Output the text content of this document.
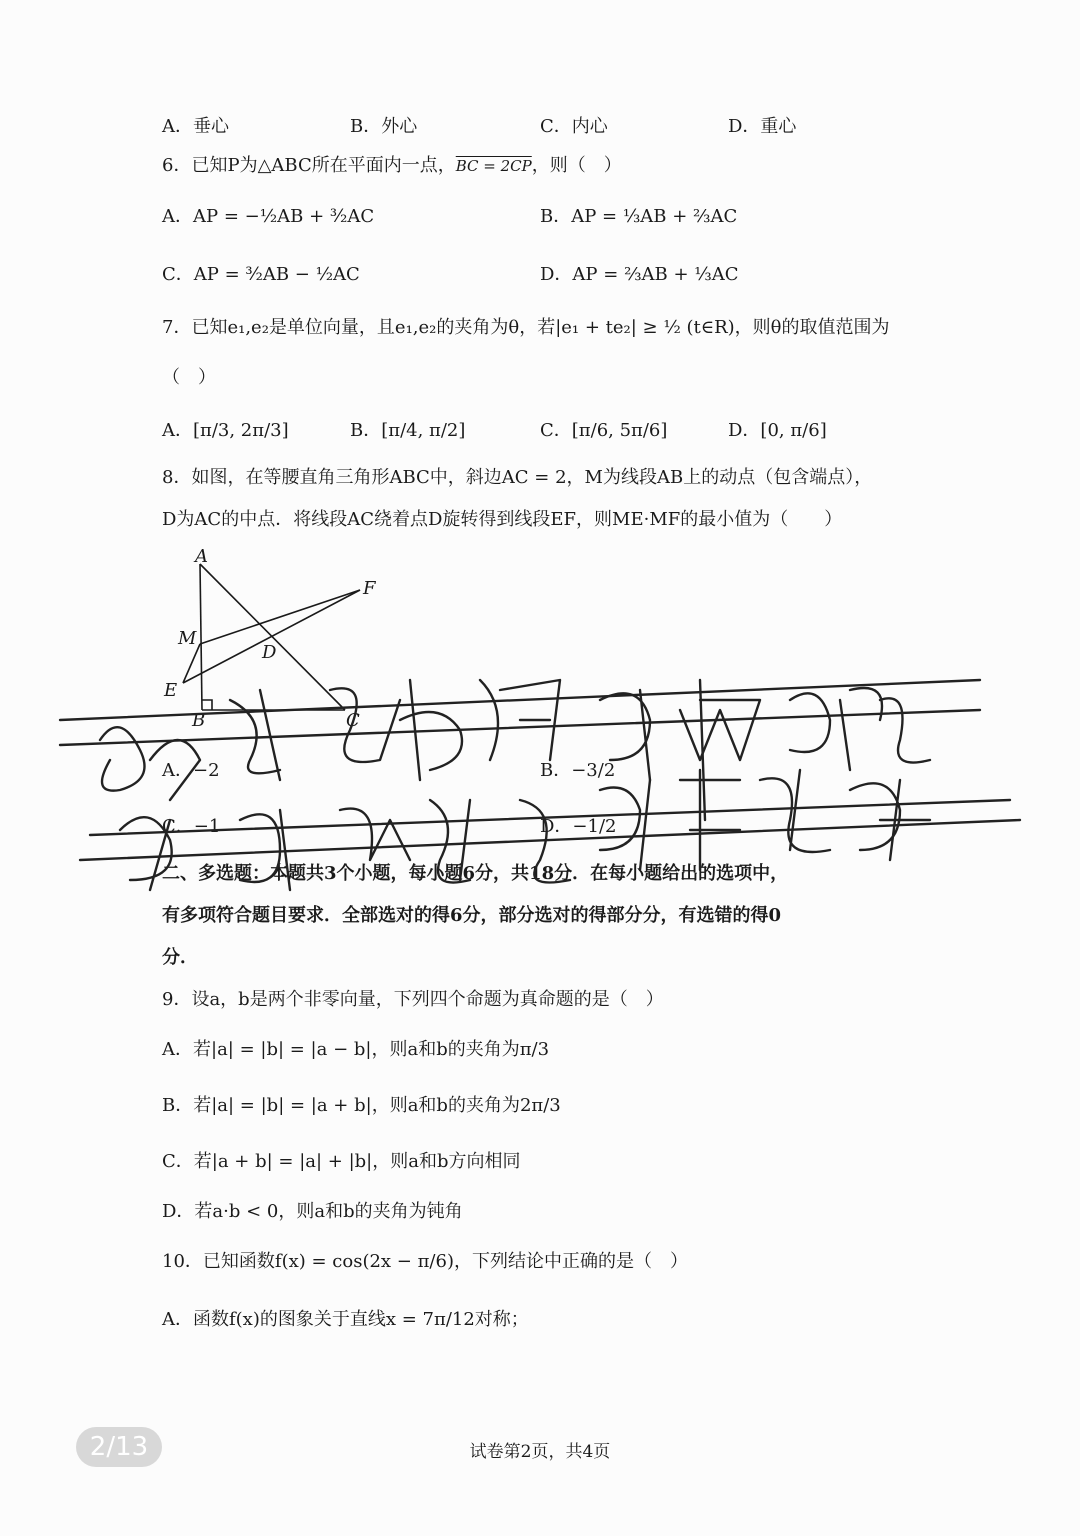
A．垂心	B．外心	C．内心	D．重心
6．已知P为△ABC所在平面内一点，BC = 2CP，则（　）
A．AP = −½AB + ³⁄₂AC	B．AP = ⅓AB + ⅔AC
C．AP = ³⁄₂AB − ½AC	D．AP = ⅔AB + ⅓AC
7．已知e₁,e₂是单位向量，且e₁,e₂的夹角为θ，若|e₁ + te₂| ≥ ½ (t∈R)，则θ的取值范围为
（　）
A．[π/3, 2π/3]	B．[π/4, π/2]	C．[π/6, 5π/6]	D．[0, π/6]
8．如图，在等腰直角三角形ABC中，斜边AC = 2，M为线段AB上的动点（包含端点），
D为AC的中点．将线段AC绕着点D旋转得到线段EF，则ME·MF的最小值为（　　）
A
B	C
D
E
F
M
A．−2	B．−3/2
C．−1	D．−1/2
二、多选题：本题共3个小题，每小题6分，共18分．在每小题给出的选项中，
有多项符合题目要求．全部选对的得6分，部分选对的得部分分，有选错的得0
分．
9．设a，b是两个非零向量，下列四个命题为真命题的是（　）
A．若|a| = |b| = |a − b|，则a和b的夹角为π/3
B．若|a| = |b| = |a + b|，则a和b的夹角为2π/3
C．若|a + b| = |a| + |b|，则a和b方向相同
D．若a·b < 0，则a和b的夹角为钝角
10．已知函数f(x) = cos(2x − π/6)，下列结论中正确的是（　）
A．函数f(x)的图象关于直线x = 7π/12对称；
2/13	试卷第2页，共4页
